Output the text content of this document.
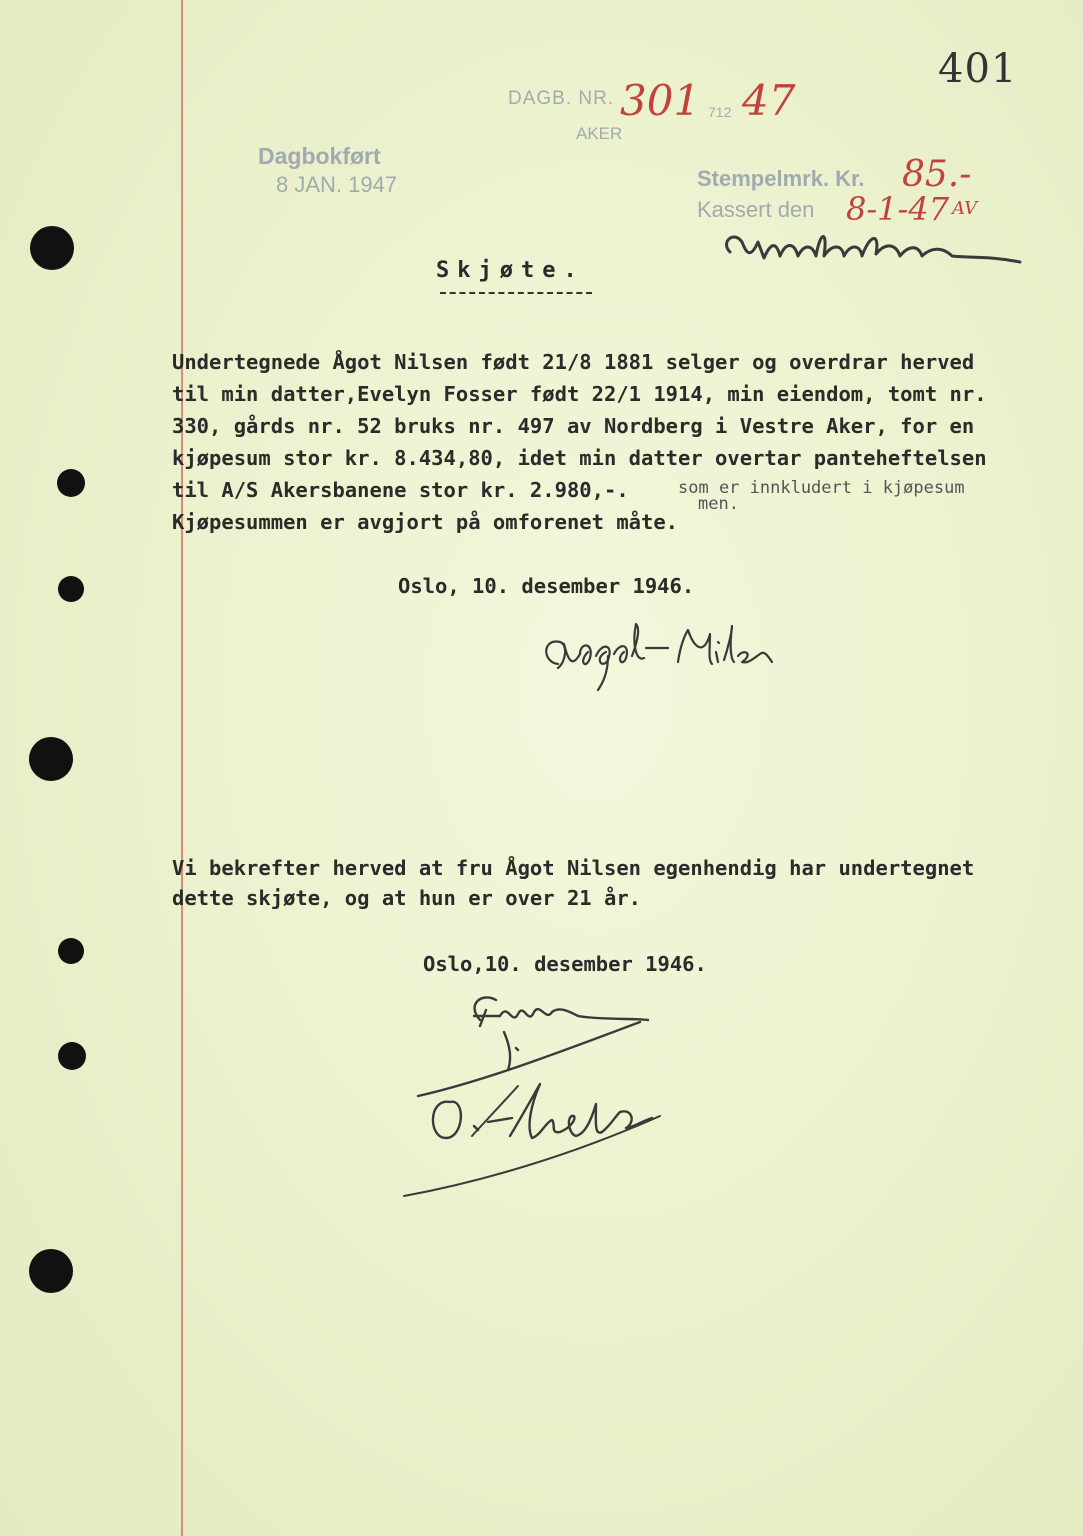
401
DAGB. NR. 301 712 47
AKER
Dagbokført
8 JAN. 1947	Stempelmrk. Kr. 85.-
Kassert den 8-1-47 AV
Skjøte.
Undertegnede Ågot Nilsen født 21/8 1881 selger og overdrar herved
til min datter,Evelyn Fosser født 22/1 1914, min eiendom, tomt nr.
330, gårds nr. 52 bruks nr. 497 av Nordberg i Vestre Aker, for en
kjøpesum stor kr. 8.434,80, idet min datter overtar panteheftelsen
til A/S Akersbanene stor kr. 2.980,-.	som er innkludert i kjøpesum
men.
Kjøpesummen er avgjort på omforenet måte.
Oslo, 10. desember 1946.
Vi bekrefter herved at fru Ågot Nilsen egenhendig har undertegnet
dette skjøte, og at hun er over 21 år.
Oslo,10. desember 1946.
